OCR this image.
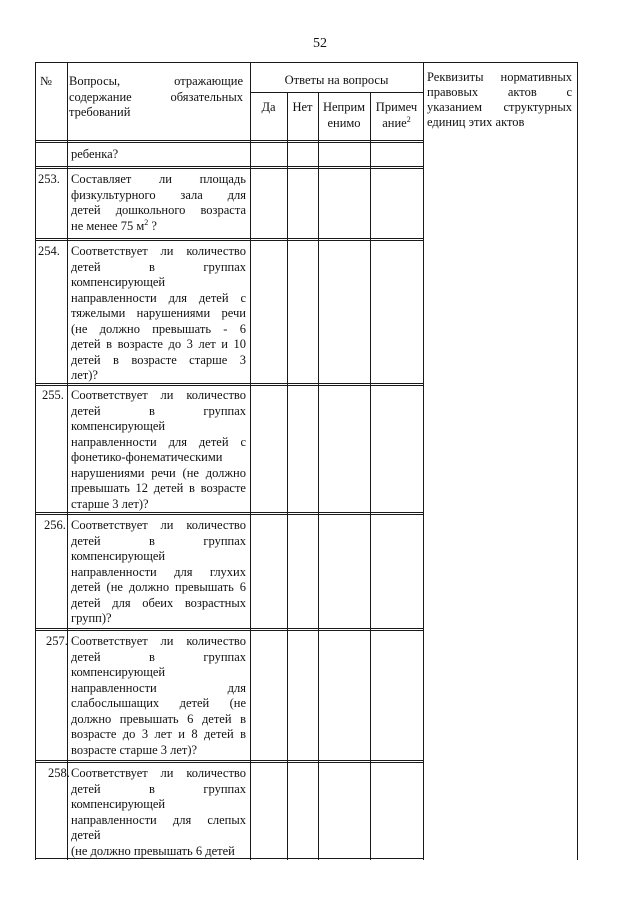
52
ребенка?
253. Составляет ли площадь
физкультурного зала для
детей дошкольного возраста
не менее 75 $м^2$ ?
254. Соответствует ли количество
детей в группах
компенсирующей
направленности для детей с
тяжелыми нарушениями речи
(не должно превышать - 6
детей в возрасте до 3 лет и 10
детей в возрасте старше 3
лет)?
255. Соответствует ли количество
детей в группах
компенсирующей
направленности для детей с
фонетико-фонематическими
нарушениями речи (не должно
превышать 12 детей в возрасте
старше 3 лет)?
256. Соответствует ли количество
детей в группах
компенсирующей
направленности для глухих
детей (не должно превышать 6
детей для обеих возрастных
групп)?
257. Соответствует ли количество
детей в группах
компенсирующей
направленности для
слабослышащих детей (не
должно превышать 6 детей в
возрасте до 3 лет и 8 детей в
возрасте старше 3 лет)?
258. Соответствует ли количество
детей в группах
компенсирующей
направленности для слепых
детей
(не должно превышать 6 детей
№ Вопросы, отражающие
содержание обязательных
требований
Ответы на вопросы
Да	Нет Неприм
енимо
Примеч
ание$^2$
Реквизиты нормативных
правовых актов с
указанием структурных
единиц этих актов
